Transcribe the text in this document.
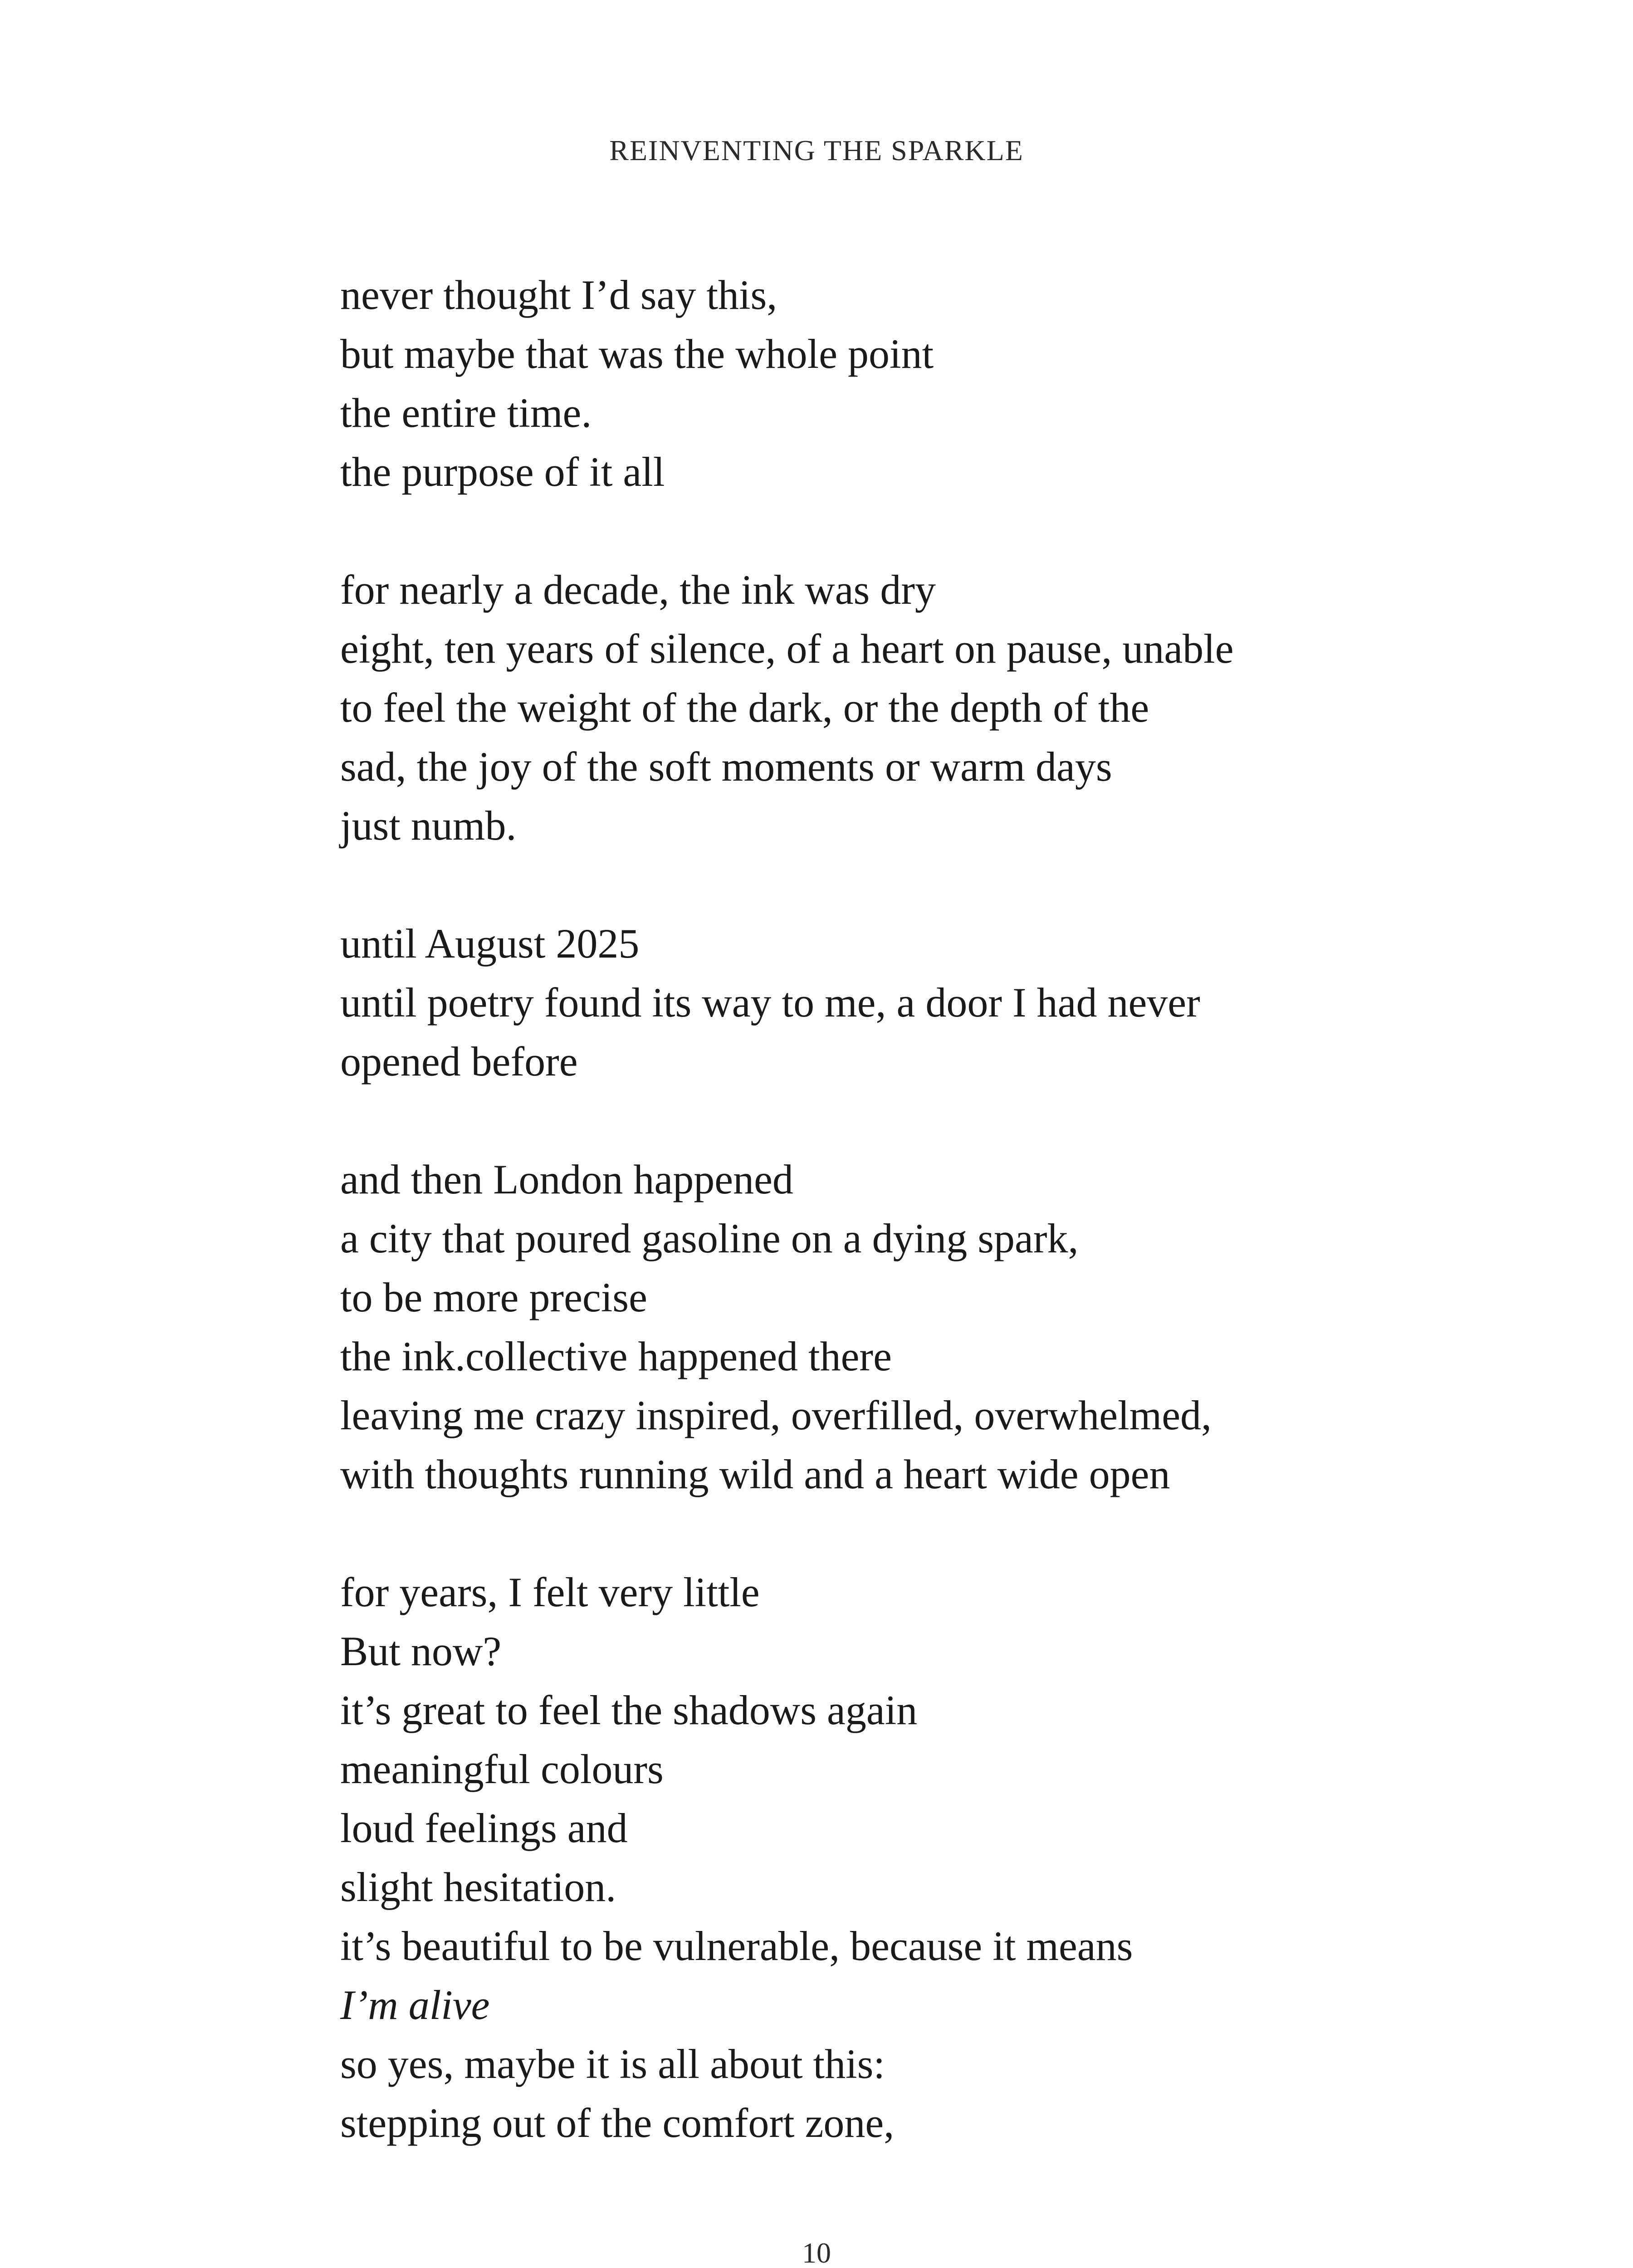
REINVENTING THE SPARKLE
never thought I’d say this,
but maybe that was the whole point
the entire time.
the purpose of it all
for nearly a decade, the ink was dry
eight, ten years of silence, of a heart on pause, unable
to feel the weight of the dark, or the depth of the
sad, the joy of the soft moments or warm days
just numb.
until August 2025
until poetry found its way to me, a door I had never
opened before
and then London happened
a city that poured gasoline on a dying spark,
to be more precise
the ink.collective happened there
leaving me crazy inspired, overfilled, overwhelmed,
with thoughts running wild and a heart wide open
for years, I felt very little
But now?
it’s great to feel the shadows again
meaningful colours
loud feelings and
slight hesitation.
it’s beautiful to be vulnerable, because it means
I’m alive
so yes, maybe it is all about this:
stepping out of the comfort zone,
10
